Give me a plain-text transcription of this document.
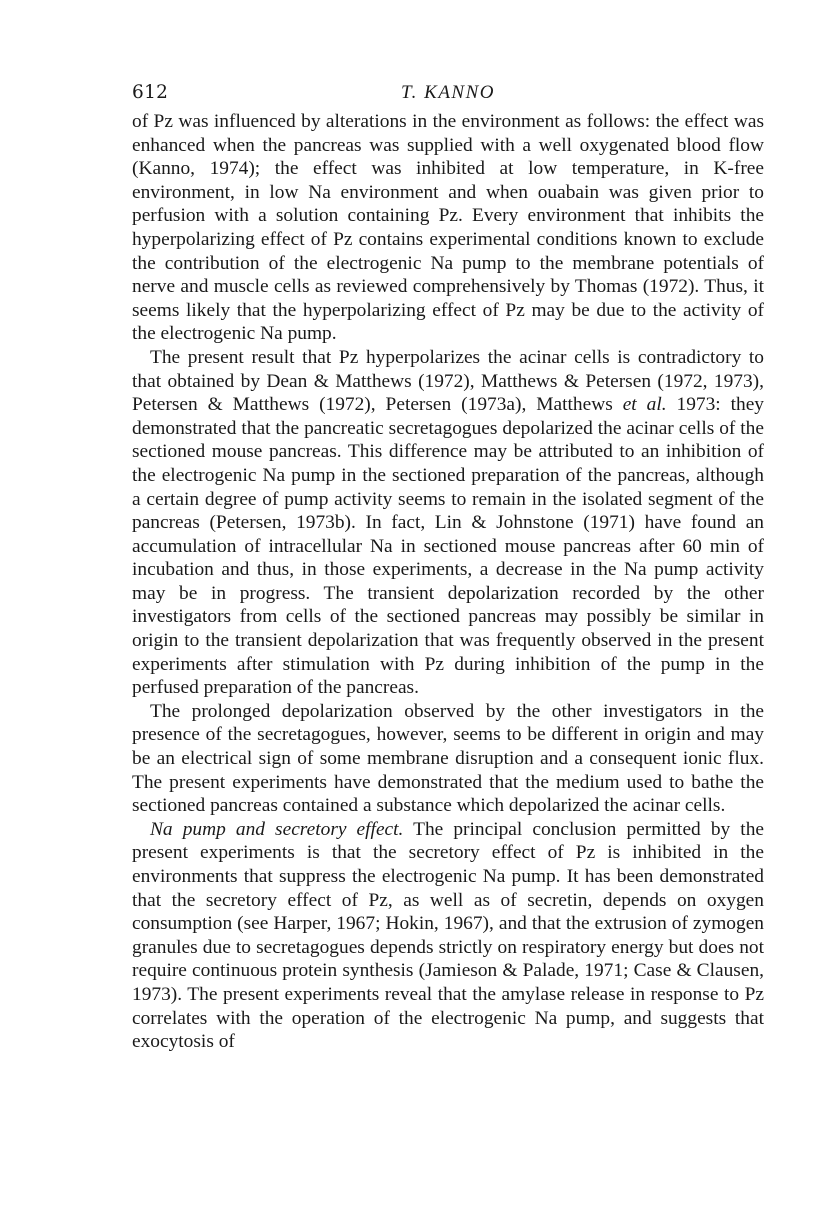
612	T. KANNO

of Pz was influenced by alterations in the environment as follows: the effect was enhanced when the pancreas was supplied with a well oxygenated blood flow (Kanno, 1974); the effect was inhibited at low temperature, in K-free environment, in low Na environment and when ouabain was given prior to perfusion with a solution containing Pz. Every environment that inhibits the hyperpolarizing effect of Pz contains experimental conditions known to exclude the contribution of the electrogenic Na pump to the membrane potentials of nerve and muscle cells as reviewed comprehensively by Thomas (1972). Thus, it seems likely that the hyperpolarizing effect of Pz may be due to the activity of the electrogenic Na pump.

The present result that Pz hyperpolarizes the acinar cells is contradictory to that obtained by Dean & Matthews (1972), Matthews & Petersen (1972, 1973), Petersen & Matthews (1972), Petersen (1973a), Matthews et al. 1973: they demonstrated that the pancreatic secretagogues depolarized the acinar cells of the sectioned mouse pancreas. This difference may be attributed to an inhibition of the electrogenic Na pump in the sectioned preparation of the pancreas, although a certain degree of pump activity seems to remain in the isolated segment of the pancreas (Petersen, 1973b). In fact, Lin & Johnstone (1971) have found an accumulation of intracellular Na in sectioned mouse pancreas after 60 min of incubation and thus, in those experiments, a decrease in the Na pump activity may be in progress. The transient depolarization recorded by the other investigators from cells of the sectioned pancreas may possibly be similar in origin to the transient depolarization that was frequently observed in the present experiments after stimulation with Pz during inhibition of the pump in the perfused preparation of the pancreas.

The prolonged depolarization observed by the other investigators in the presence of the secretagogues, however, seems to be different in origin and may be an electrical sign of some membrane disruption and a consequent ionic flux. The present experiments have demonstrated that the medium used to bathe the sectioned pancreas contained a substance which depolarized the acinar cells.

Na pump and secretory effect. The principal conclusion permitted by the present experiments is that the secretory effect of Pz is inhibited in the environments that suppress the electrogenic Na pump. It has been demonstrated that the secretory effect of Pz, as well as of secretin, depends on oxygen consumption (see Harper, 1967; Hokin, 1967), and that the extrusion of zymogen granules due to secretagogues depends strictly on respiratory energy but does not require continuous protein synthesis (Jamieson & Palade, 1971; Case & Clausen, 1973). The present experiments reveal that the amylase release in response to Pz correlates with the operation of the electrogenic Na pump, and suggests that exocytosis of
